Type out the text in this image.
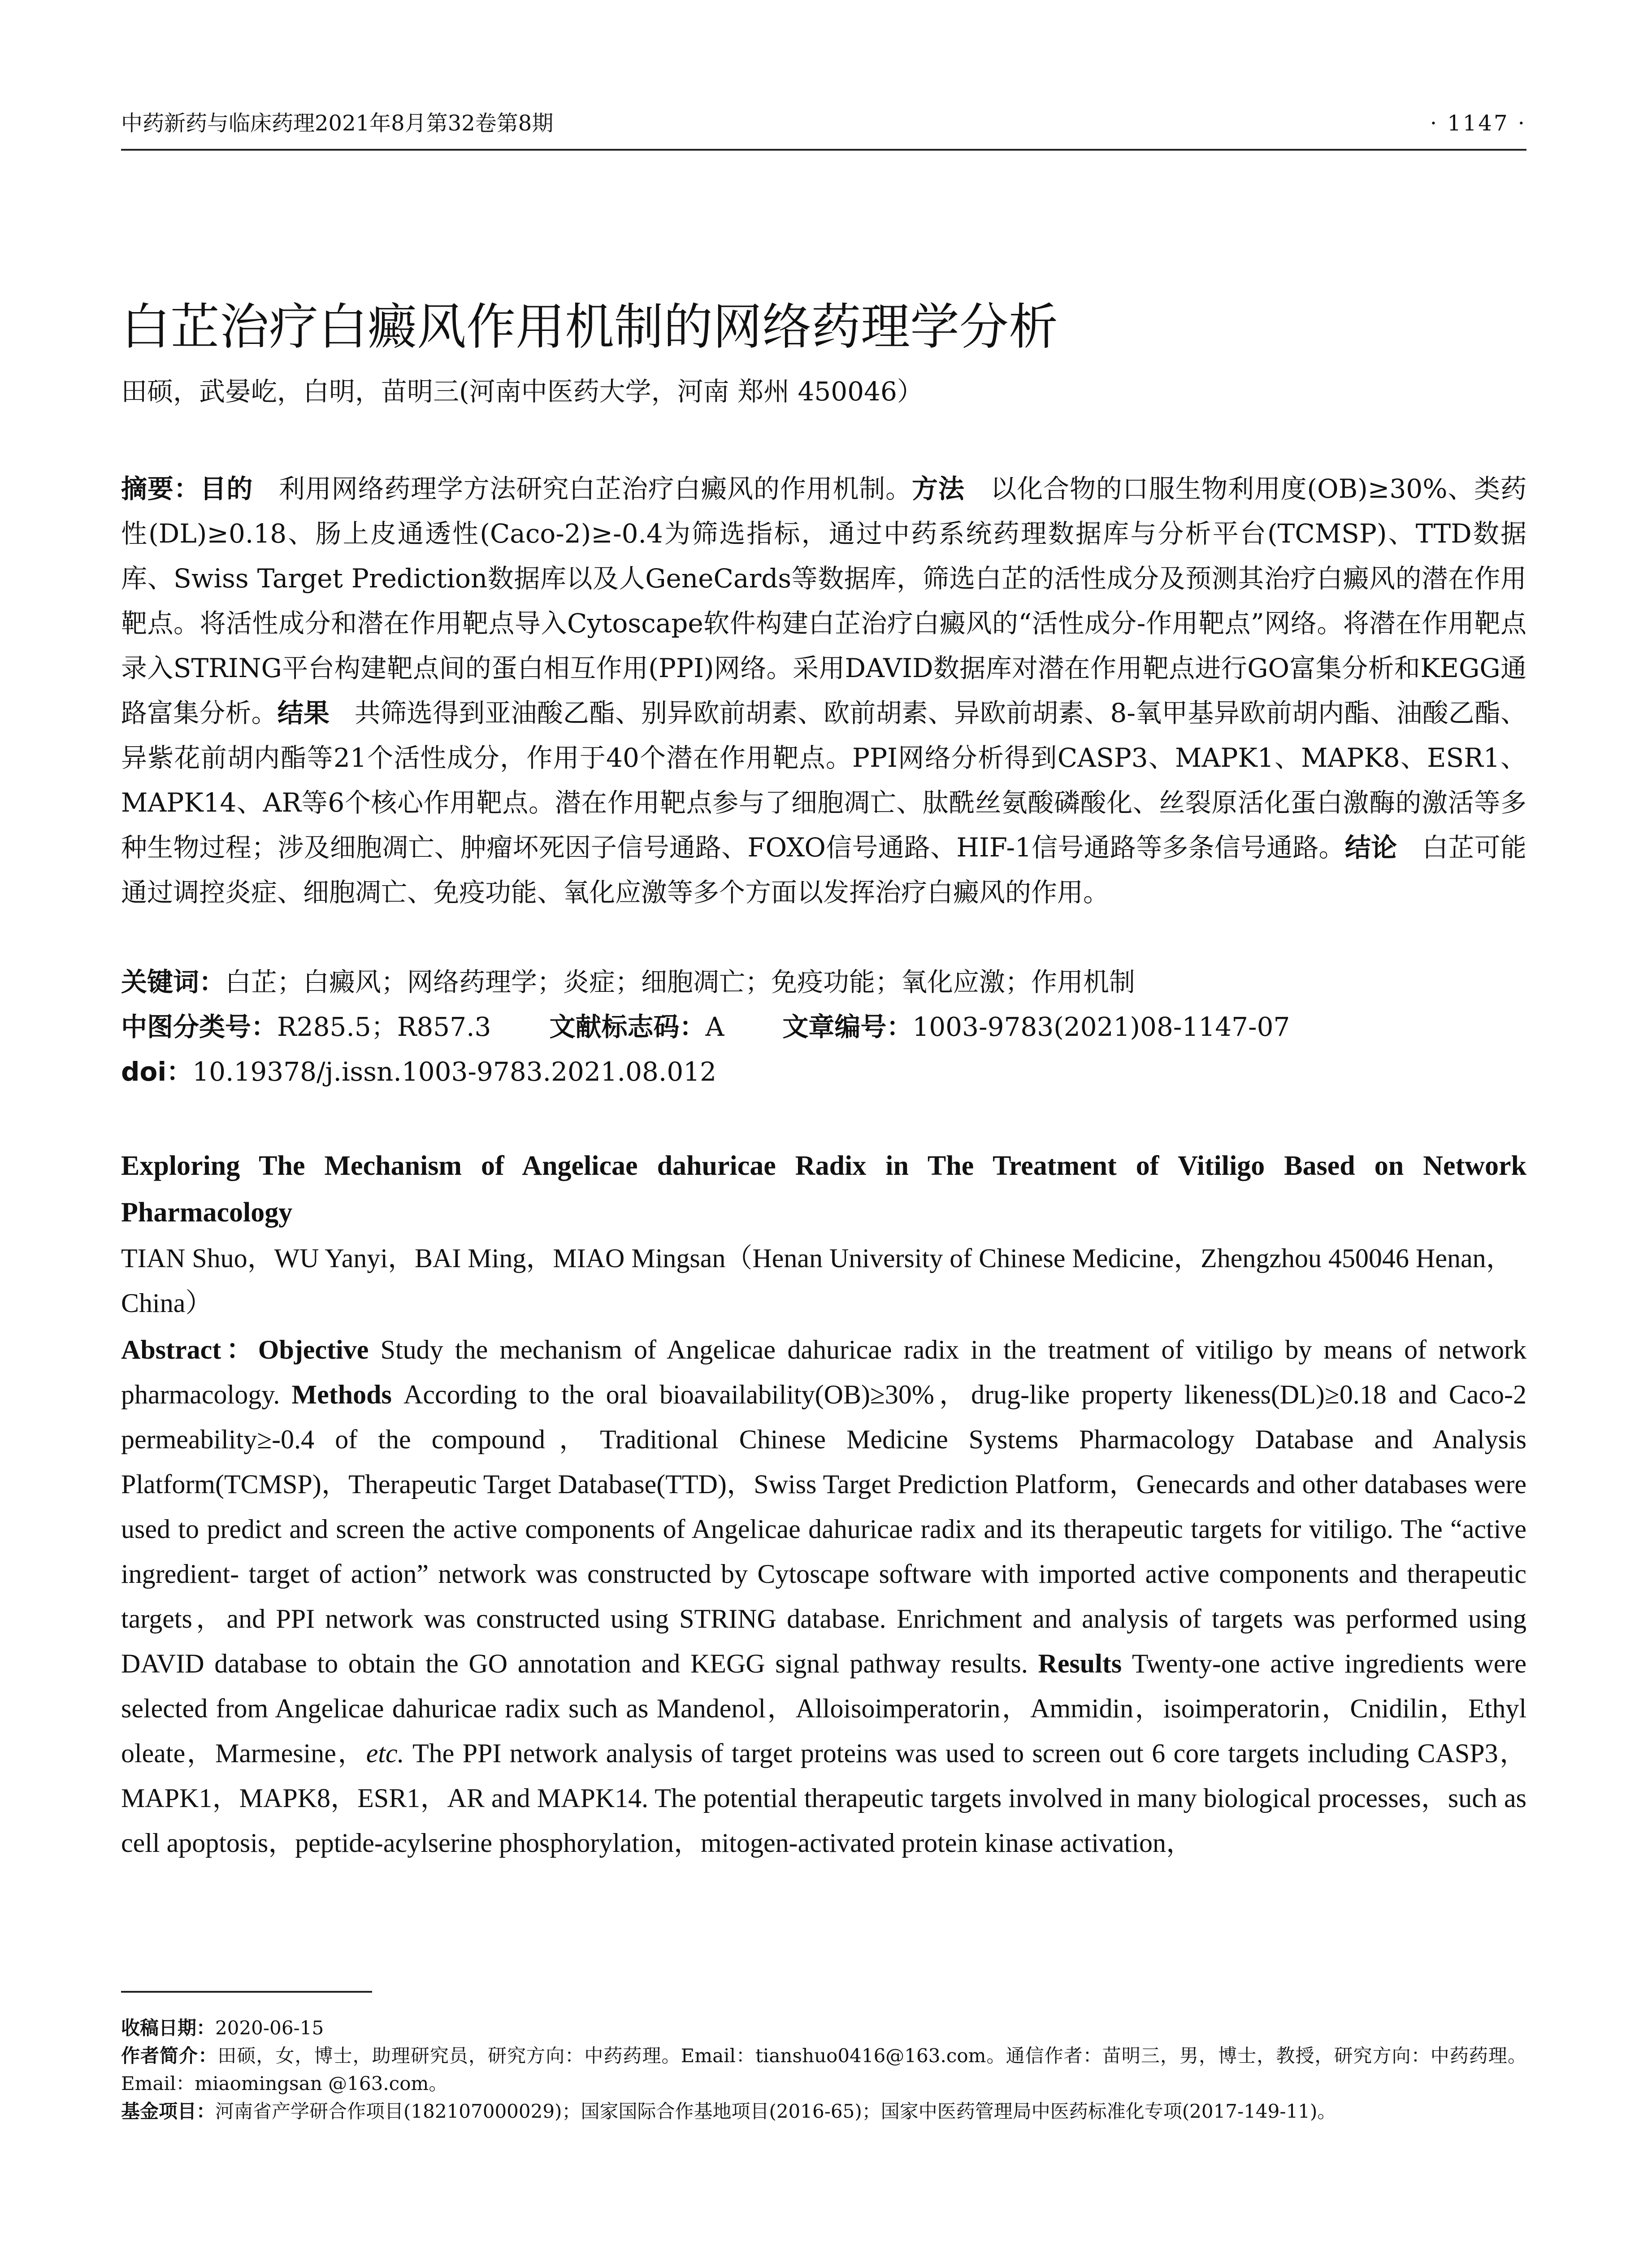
中药新药与临床药理2021年8月第32卷第8期	· 1147 ·
白芷治疗白癜风作用机制的网络药理学分析
田硕，武晏屹，白明，苗明三(河南中医药大学，河南 郑州 450046）
摘要：目的 利用网络药理学方法研究白芷治疗白癜风的作用机制。方法 以化合物的口服生物利用度(OB)≥30%、类药性(DL)≥0.18、肠上皮通透性(Caco-2)≥-0.4为筛选指标，通过中药系统药理数据库与分析平台(TCMSP)、TTD数据库、Swiss Target Prediction数据库以及人GeneCards等数据库，筛选白芷的活性成分及预测其治疗白癜风的潜在作用靶点。将活性成分和潜在作用靶点导入Cytoscape软件构建白芷治疗白癜风的“活性成分-作用靶点”网络。将潜在作用靶点录入STRING平台构建靶点间的蛋白相互作用(PPI)网络。采用DAVID数据库对潜在作用靶点进行GO富集分析和KEGG通路富集分析。结果 共筛选得到亚油酸乙酯、别异欧前胡素、欧前胡素、异欧前胡素、8-氧甲基异欧前胡内酯、油酸乙酯、异紫花前胡内酯等21个活性成分，作用于40个潜在作用靶点。PPI网络分析得到CASP3、MAPK1、MAPK8、ESR1、MAPK14、AR等6个核心作用靶点。潜在作用靶点参与了细胞凋亡、肽酰丝氨酸磷酸化、丝裂原活化蛋白激酶的激活等多种生物过程；涉及细胞凋亡、肿瘤坏死因子信号通路、FOXO信号通路、HIF-1信号通路等多条信号通路。结论 白芷可能通过调控炎症、细胞凋亡、免疫功能、氧化应激等多个方面以发挥治疗白癜风的作用。
关键词：白芷；白癜风；网络药理学；炎症；细胞凋亡；免疫功能；氧化应激；作用机制
中图分类号：R285.5；R857.3 文献标志码：A 文章编号：1003-9783(2021)08-1147-07
doi：10.19378/j.issn.1003-9783.2021.08.012
Exploring The Mechanism of Angelicae dahuricae Radix in The Treatment of Vitiligo Based on Network Pharmacology
TIAN Shuo，WU Yanyi，BAI Ming，MIAO Mingsan（Henan University of Chinese Medicine，Zhengzhou 450046 Henan，China）
Abstract：Objective Study the mechanism of Angelicae dahuricae radix in the treatment of vitiligo by means of network pharmacology. Methods According to the oral bioavailability(OB)≥30%，drug-like property likeness(DL)≥0.18 and Caco-2 permeability≥-0.4 of the compound，Traditional Chinese Medicine Systems Pharmacology Database and Analysis Platform(TCMSP)，Therapeutic Target Database(TTD)，Swiss Target Prediction Platform，Genecards and other databases were used to predict and screen the active components of Angelicae dahuricae radix and its therapeutic targets for vitiligo. The “active ingredient- target of action” network was constructed by Cytoscape software with imported active components and therapeutic targets，and PPI network was constructed using STRING database. Enrichment and analysis of targets was performed using DAVID database to obtain the GO annotation and KEGG signal pathway results. Results Twenty-one active ingredients were selected from Angelicae dahuricae radix such as Mandenol，Alloisoimperatorin，Ammidin，isoimperatorin，Cnidilin，Ethyl oleate，Marmesine，etc. The PPI network analysis of target proteins was used to screen out 6 core targets including CASP3，MAPK1，MAPK8，ESR1，AR and MAPK14. The potential therapeutic targets involved in many biological processes，such as cell apoptosis，peptide-acylserine phosphorylation，mitogen-activated protein kinase activation，
收稿日期：2020-06-15
作者简介：田硕，女，博士，助理研究员，研究方向：中药药理。Email：tianshuo0416@163.com。通信作者：苗明三，男，博士，教授，研究方向：中药药理。Email：miaomingsan @163.com。
基金项目：河南省产学研合作项目(182107000029)；国家国际合作基地项目(2016-65)；国家中医药管理局中医药标准化专项(2017-149-11)。
